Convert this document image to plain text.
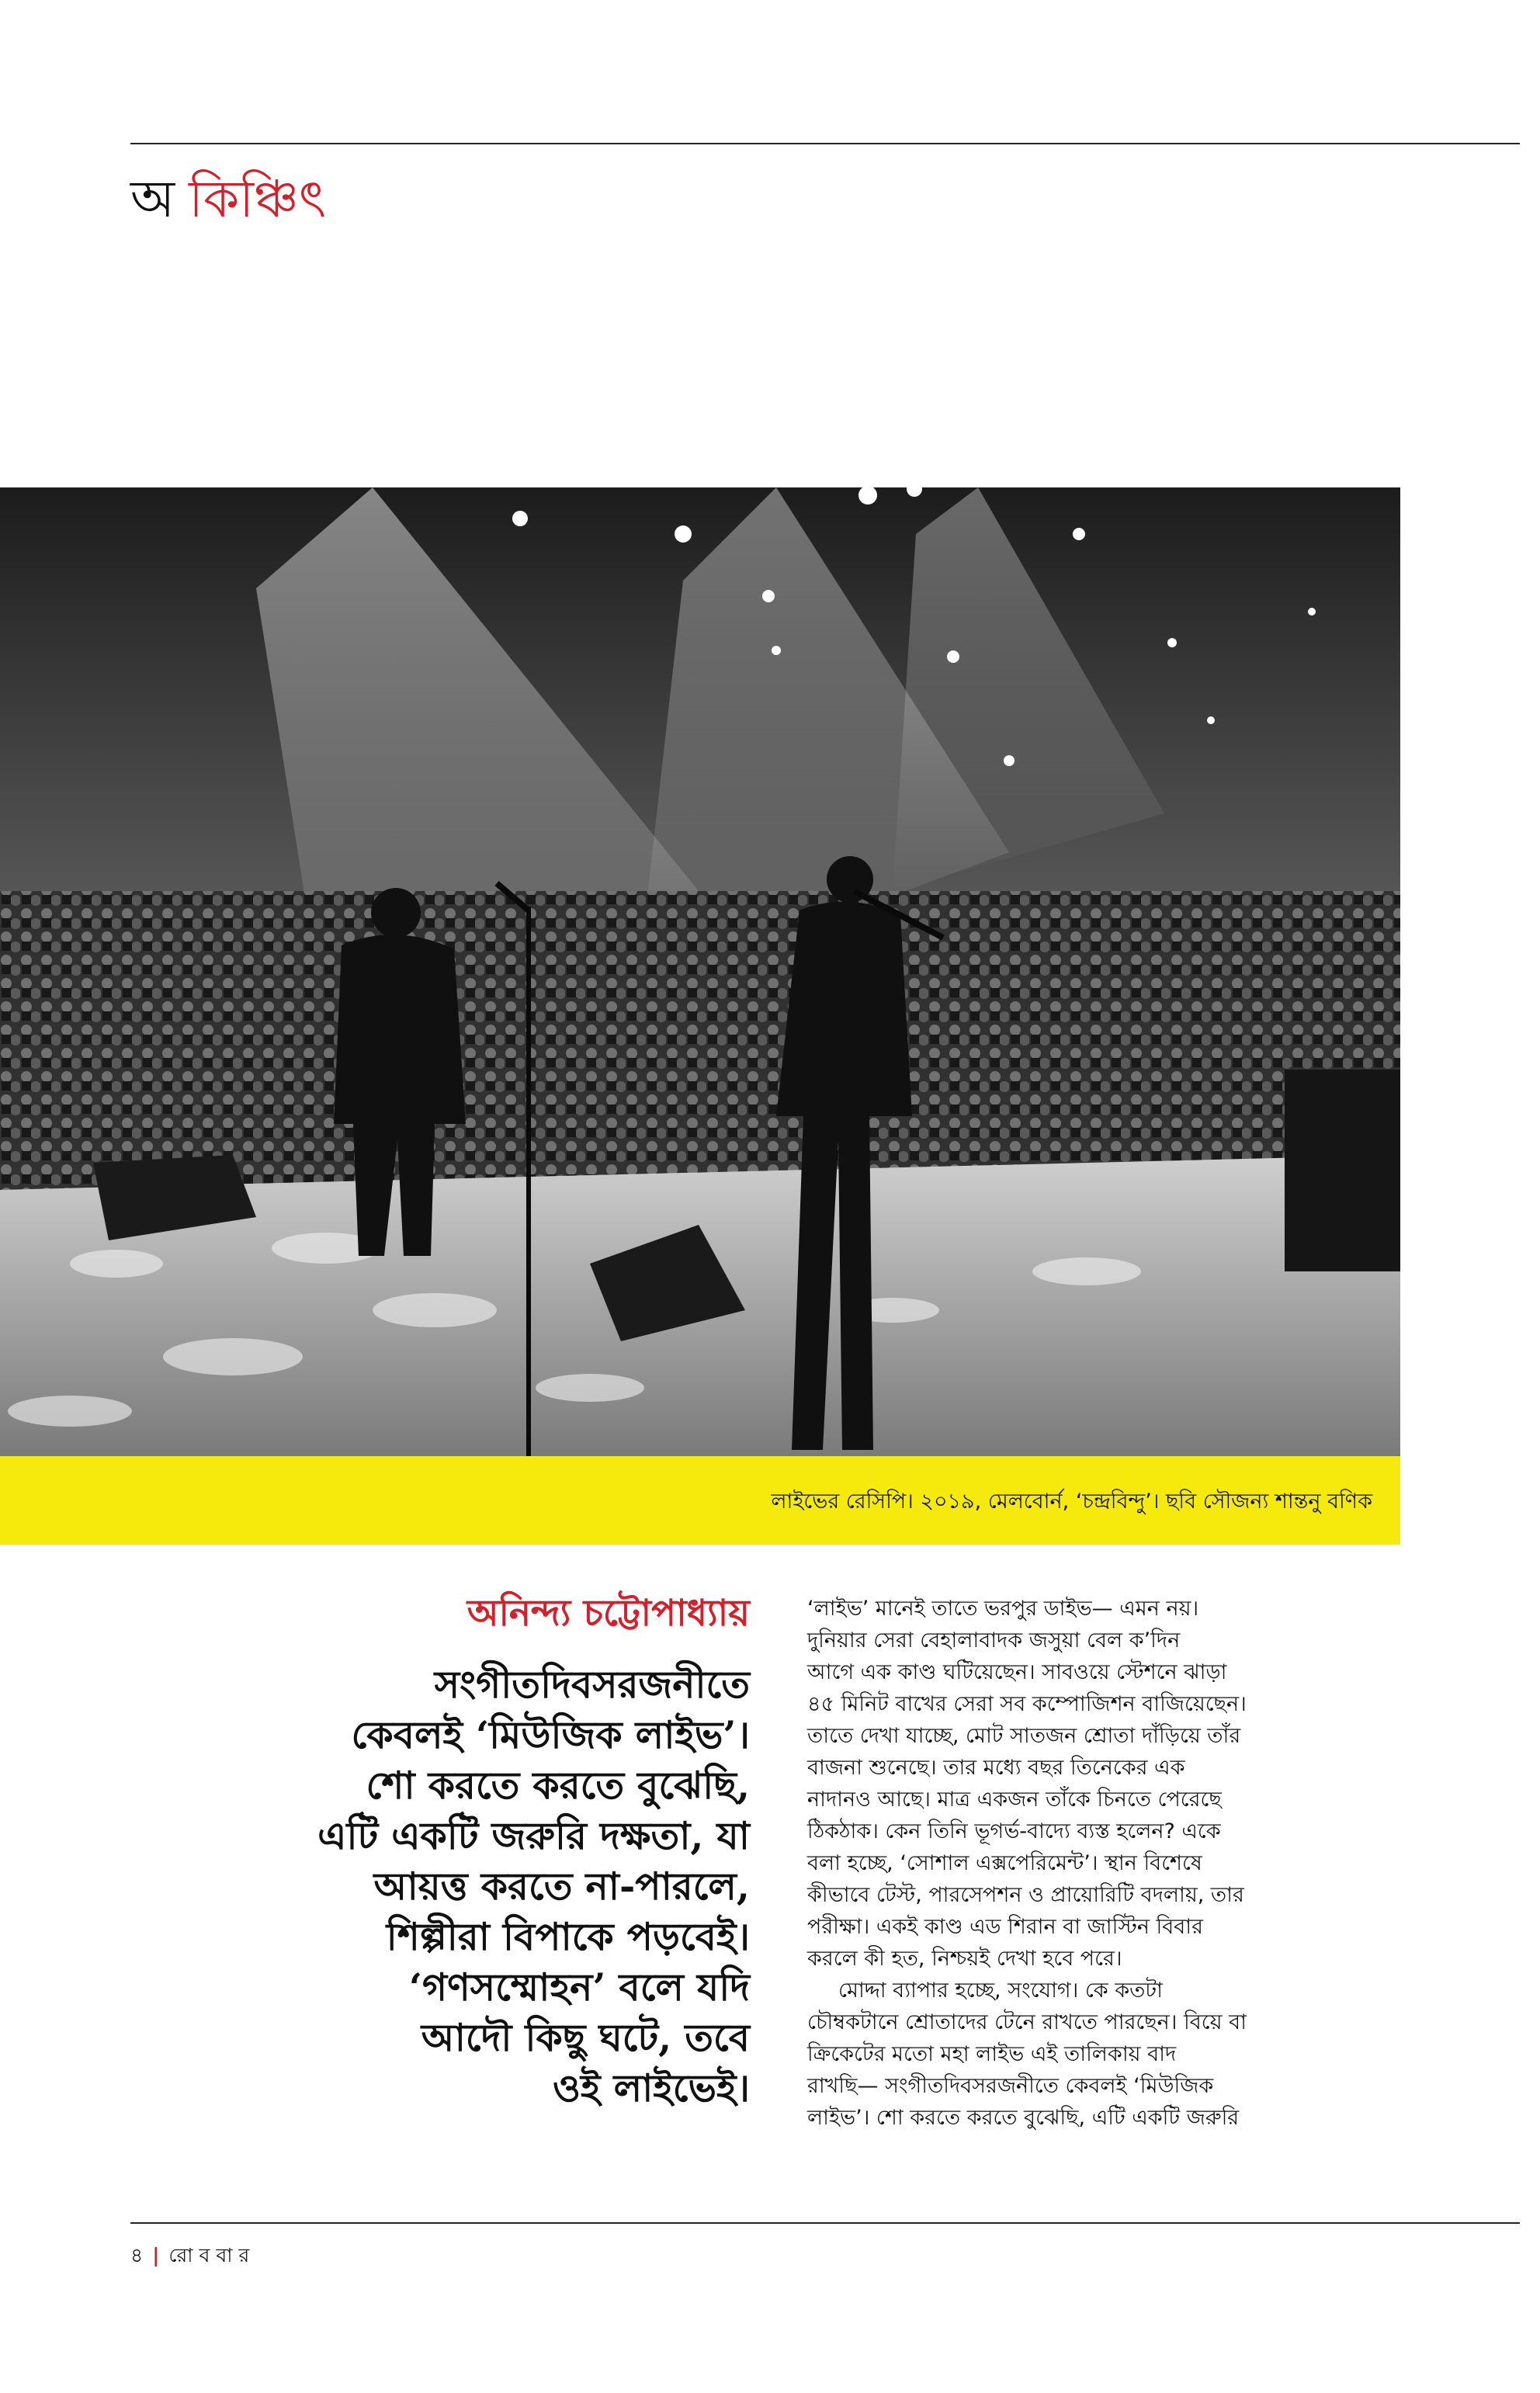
অ কিঞ্চিৎ
লাইভের রেসিপি। ২০১৯, মেলবোর্ন, ‘চন্দ্রবিন্দু’। ছবি সৌজন্য শান্তনু বণিক
অনিন্দ্য চট্টোপাধ্যায়
সংগীতদিবসরজনীতে
কেবলই ‘মিউজিক লাইভ’।
শো করতে করতে বুঝেছি,
এটি একটি জরুরি দক্ষতা, যা
আয়ত্ত করতে না-পারলে,
শিল্পীরা বিপাকে পড়বেই।
‘গণসম্মোহন’ বলে যদি
আদৌ কিছু ঘটে, তবে
ওই লাইভেই।
‘লাইভ’ মানেই তাতে ভরপুর ডাইভ— এমন নয়।
দুনিয়ার সেরা বেহালাবাদক জসুয়া বেল ক’দিন
আগে এক কাণ্ড ঘটিয়েছেন। সাবওয়ে স্টেশনে ঝাড়া
৪৫ মিনিট বাখের সেরা সব কম্পোজিশন বাজিয়েছেন।
তাতে দেখা যাচ্ছে, মোট সাতজন শ্রোতা দাঁড়িয়ে তাঁর
বাজনা শুনেছে। তার মধ্যে বছর তিনেকের এক
নাদানও আছে। মাত্র একজন তাঁকে চিনতে পেরেছে
ঠিকঠাক। কেন তিনি ভূগর্ভ-বাদ্যে ব্যস্ত হলেন? একে
বলা হচ্ছে, ‘সোশাল এক্সপেরিমেন্ট’। স্থান বিশেষে
কীভাবে টেস্ট, পারসেপশন ও প্রায়োরিটি বদলায়, তার
পরীক্ষা। একই কাণ্ড এড শিরান বা জাস্টিন বিবার
করলে কী হত, নিশ্চয়ই দেখা হবে পরে।
মোদ্দা ব্যাপার হচ্ছে, সংযোগ। কে কতটা
চৌম্বকটানে শ্রোতাদের টেনে রাখতে পারছেন। বিয়ে বা
ক্রিকেটের মতো মহা লাইভ এই তালিকায় বাদ
রাখছি— সংগীতদিবসরজনীতে কেবলই ‘মিউজিক
লাইভ’। শো করতে করতে বুঝেছি, এটি একটি জরুরি
৪ | রো ব বা র
